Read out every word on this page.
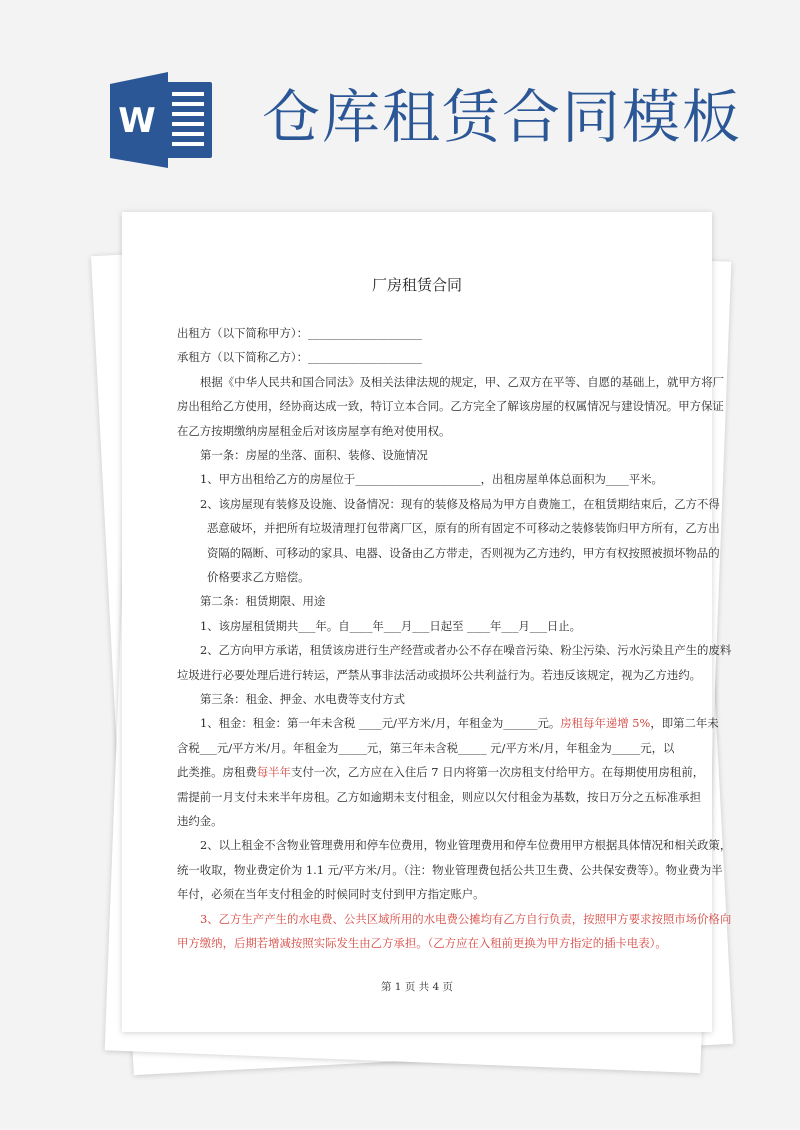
W 仓库租赁合同模板
厂房租赁合同
第 1 页 共 4 页
出租方（以下简称甲方）：____________________
承租方（以下简称乙方）：____________________
根据《中华人民共和国合同法》及相关法律法规的规定，甲、乙双方在平等、自愿的基础上，就甲方将厂
房出租给乙方使用，经协商达成一致，特订立本合同。乙方完全了解该房屋的权属情况与建设情况。甲方保证
在乙方按期缴纳房屋租金后对该房屋享有绝对使用权。
第一条：房屋的坐落、面积、装修、设施情况
1、甲方出租给乙方的房屋位于______________________，出租房屋单体总面积为____平米。
2、该房屋现有装修及设施、设备情况：现有的装修及格局为甲方自费施工，在租赁期结束后，乙方不得
恶意破坏，并把所有垃圾清理打包带离厂区，原有的所有固定不可移动之装修装饰归甲方所有，乙方出
资隔的隔断、可移动的家具、电器、设备由乙方带走，否则视为乙方违约，甲方有权按照被损坏物品的
价格要求乙方赔偿。
第二条：租赁期限、用途
1、该房屋租赁期共___年。自____年___月___日起至 ____年___月___日止。
2、乙方向甲方承诺，租赁该房进行生产经营或者办公不存在噪音污染、粉尘污染、污水污染且产生的废料
垃圾进行必要处理后进行转运，严禁从事非法活动或损坏公共利益行为。若违反该规定，视为乙方违约。
第三条：租金、押金、水电费等支付方式
1、租金：租金：第一年未含税 ____元/平方米/月，年租金为______元。房租每年递增 5%，即第二年未
含税___元/平方米/月。年租金为_____元，第三年未含税_____ 元/平方米/月，年租金为_____元，以
此类推。房租费每半年支付一次，乙方应在入住后 7 日内将第一次房租支付给甲方。在每期使用房租前，
需提前一月支付未来半年房租。乙方如逾期未支付租金，则应以欠付租金为基数，按日万分之五标准承担
违约金。
2、以上租金不含物业管理费用和停车位费用，物业管理费用和停车位费用甲方根据具体情况和相关政策，
统一收取，物业费定价为 1.1 元/平方米/月。（注：物业管理费包括公共卫生费、公共保安费等）。物业费为半
年付，必须在当年支付租金的时候同时支付到甲方指定账户。
3、乙方生产产生的水电费、公共区域所用的水电费公摊均有乙方自行负责，按照甲方要求按照市场价格向
甲方缴纳，后期若增减按照实际发生由乙方承担。（乙方应在入租前更换为甲方指定的插卡电表）。
